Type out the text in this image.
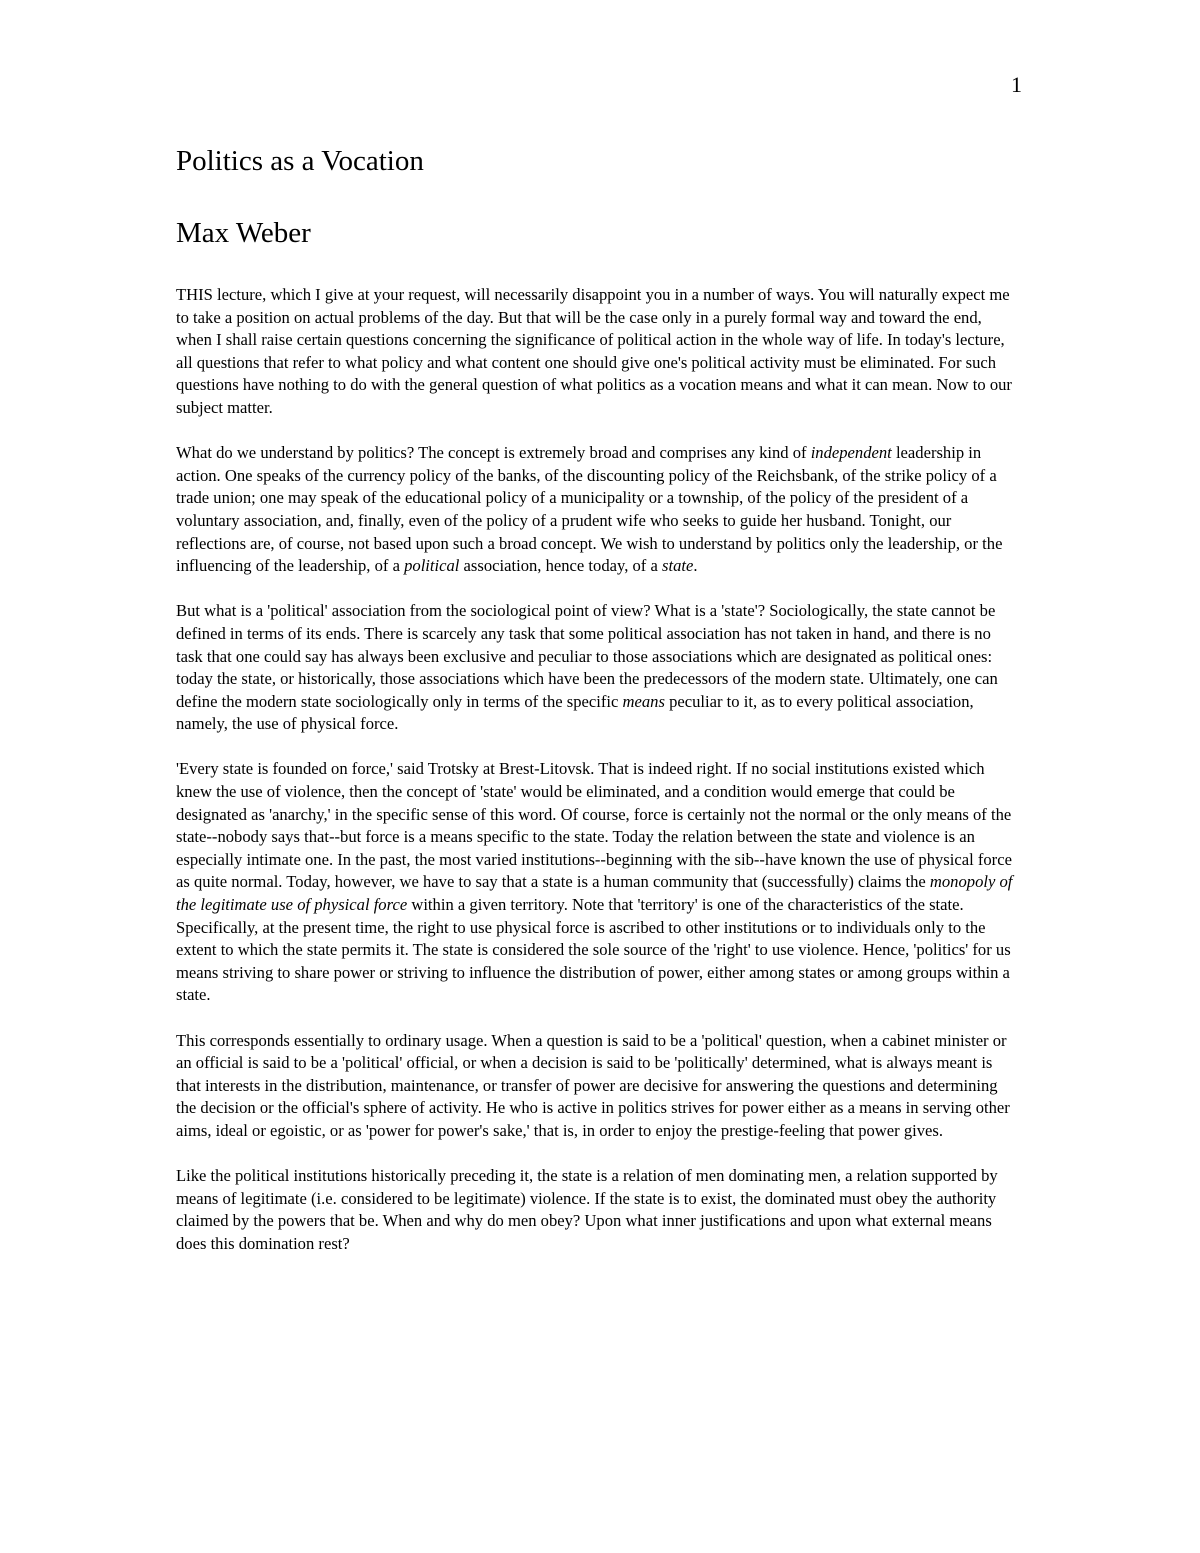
1
Politics as a Vocation
Max Weber

THIS lecture, which I give at your request, will necessarily disappoint you in a number of ways. You will naturally expect me to take a position on actual problems of the day. But that will be the case only in a purely formal way and toward the end, when I shall raise certain questions concerning the significance of political action in the whole way of life. In today's lecture, all questions that refer to what policy and what content one should give one's political activity must be eliminated. For such questions have nothing to do with the general question of what politics as a vocation means and what it can mean. Now to our subject matter.

What do we understand by politics? The concept is extremely broad and comprises any kind of independent leadership in action. One speaks of the currency policy of the banks, of the discounting policy of the Reichsbank, of the strike policy of a trade union; one may speak of the educational policy of a municipality or a township, of the policy of the president of a voluntary association, and, finally, even of the policy of a prudent wife who seeks to guide her husband. Tonight, our reflections are, of course, not based upon such a broad concept. We wish to understand by politics only the leadership, or the influencing of the leadership, of a political association, hence today, of a state.

But what is a 'political' association from the sociological point of view? What is a 'state'? Sociologically, the state cannot be defined in terms of its ends. There is scarcely any task that some political association has not taken in hand, and there is no task that one could say has always been exclusive and peculiar to those associations which are designated as political ones: today the state, or historically, those associations which have been the predecessors of the modern state. Ultimately, one can define the modern state sociologically only in terms of the specific means peculiar to it, as to every political association, namely, the use of physical force.

'Every state is founded on force,' said Trotsky at Brest-Litovsk. That is indeed right. If no social institutions existed which knew the use of violence, then the concept of 'state' would be eliminated, and a condition would emerge that could be designated as 'anarchy,' in the specific sense of this word. Of course, force is certainly not the normal or the only means of the state--nobody says that--but force is a means specific to the state. Today the relation between the state and violence is an especially intimate one. In the past, the most varied institutions--beginning with the sib--have known the use of physical force as quite normal. Today, however, we have to say that a state is a human community that (successfully) claims the monopoly of the legitimate use of physical force within a given territory. Note that 'territory' is one of the characteristics of the state. Specifically, at the present time, the right to use physical force is ascribed to other institutions or to individuals only to the extent to which the state permits it. The state is considered the sole source of the 'right' to use violence. Hence, 'politics' for us means striving to share power or striving to influence the distribution of power, either among states or among groups within a state.

This corresponds essentially to ordinary usage. When a question is said to be a 'political' question, when a cabinet minister or an official is said to be a 'political' official, or when a decision is said to be 'politically' determined, what is always meant is that interests in the distribution, maintenance, or transfer of power are decisive for answering the questions and determining the decision or the official's sphere of activity. He who is active in politics strives for power either as a means in serving other aims, ideal or egoistic, or as 'power for power's sake,' that is, in order to enjoy the prestige-feeling that power gives.

Like the political institutions historically preceding it, the state is a relation of men dominating men, a relation supported by means of legitimate (i.e. considered to be legitimate) violence. If the state is to exist, the dominated must obey the authority claimed by the powers that be. When and why do men obey? Upon what inner justifications and upon what external means does this domination rest?
